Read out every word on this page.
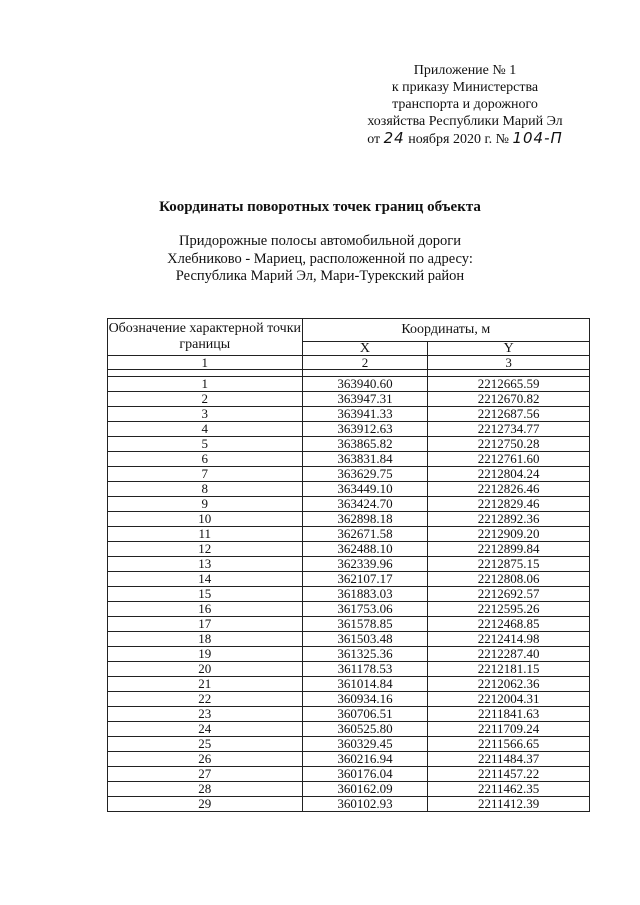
Приложение № 1
к приказу Министерства
транспорта и дорожного
хозяйства Республики Марий Эл
от 24 ноября 2020 г. № 104-П
Координаты поворотных точек границ объекта
Придорожные полосы автомобильной дороги
Хлебниково - Мариец, расположенной по адресу:
Республика Марий Эл, Мари-Турекский район
Обозначение характерной точки границы	Координаты, м	
	X	Y
1	2	3

1	363940.60	2212665.59
2	363947.31	2212670.82
3	363941.33	2212687.56
4	363912.63	2212734.77
5	363865.82	2212750.28
6	363831.84	2212761.60
7	363629.75	2212804.24
8	363449.10	2212826.46
9	363424.70	2212829.46
10	362898.18	2212892.36
11	362671.58	2212909.20
12	362488.10	2212899.84
13	362339.96	2212875.15
14	362107.17	2212808.06
15	361883.03	2212692.57
16	361753.06	2212595.26
17	361578.85	2212468.85
18	361503.48	2212414.98
19	361325.36	2212287.40
20	361178.53	2212181.15
21	361014.84	2212062.36
22	360934.16	2212004.31
23	360706.51	2211841.63
24	360525.80	2211709.24
25	360329.45	2211566.65
26	360216.94	2211484.37
27	360176.04	2211457.22
28	360162.09	2211462.35
29	360102.93	2211412.39
